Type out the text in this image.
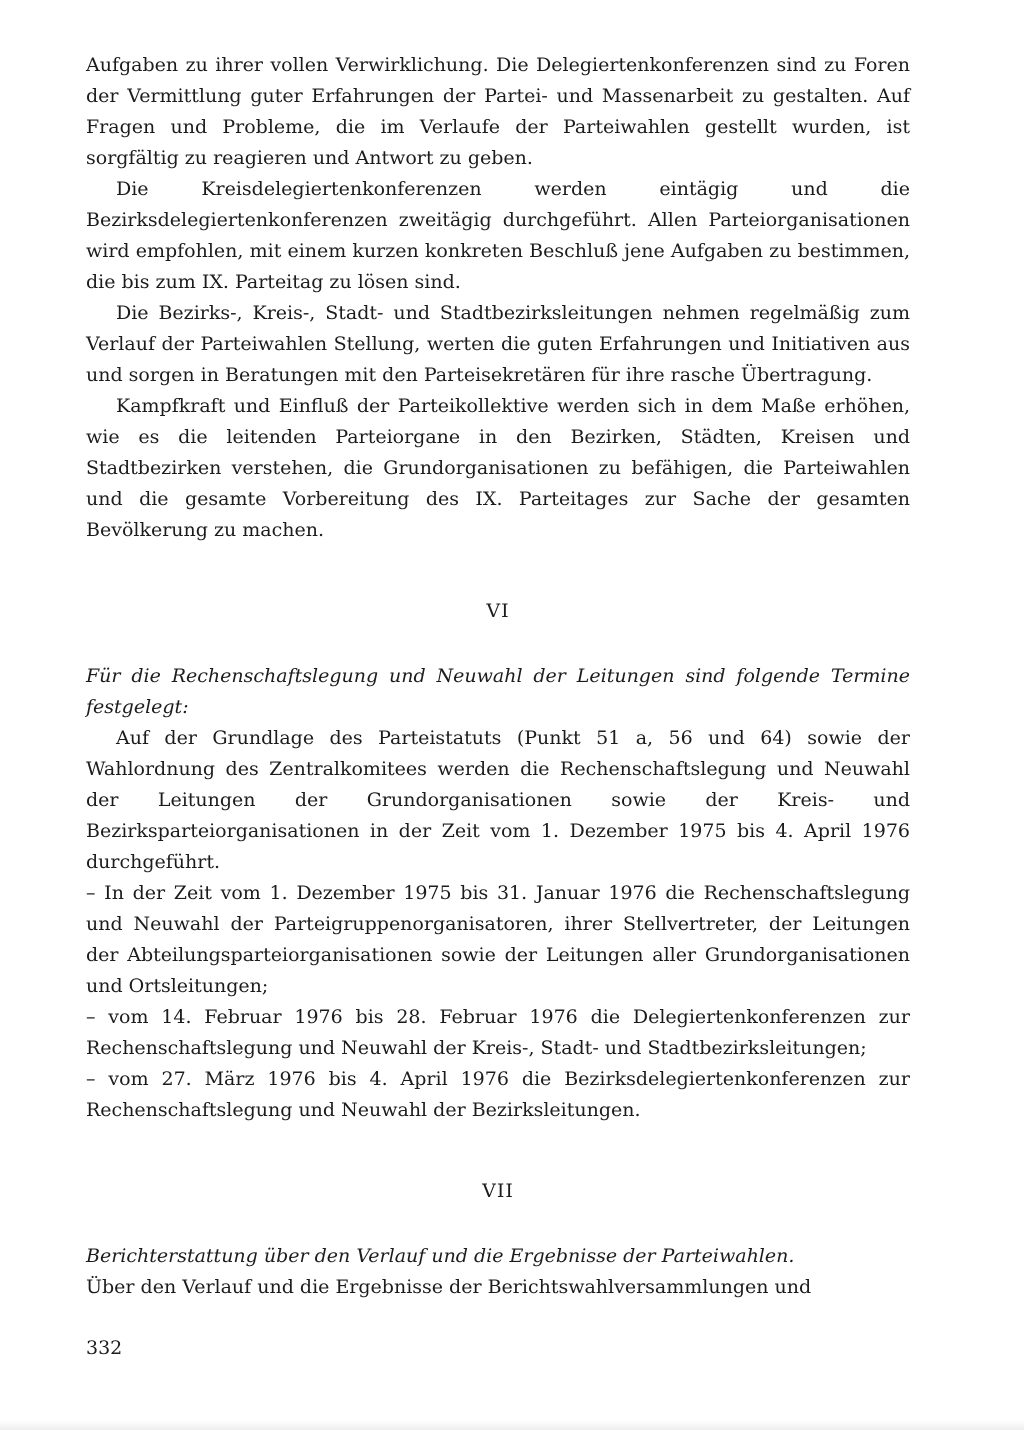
Aufgaben zu ihrer vollen Verwirklichung. Die Delegiertenkonferenzen sind zu Foren der Vermittlung guter Erfahrungen der Partei- und Massenarbeit zu gestalten. Auf Fragen und Probleme, die im Verlaufe der Parteiwahlen gestellt wurden, ist sorgfältig zu reagieren und Antwort zu geben.

Die Kreisdelegiertenkonferenzen werden eintägig und die Bezirksdelegiertenkonferenzen zweitägig durchgeführt. Allen Parteiorganisationen wird empfohlen, mit einem kurzen konkreten Beschluß jene Aufgaben zu bestimmen, die bis zum IX. Parteitag zu lösen sind.

Die Bezirks-, Kreis-, Stadt- und Stadtbezirksleitungen nehmen regelmäßig zum Verlauf der Parteiwahlen Stellung, werten die guten Erfahrungen und Initiativen aus und sorgen in Beratungen mit den Parteisekretären für ihre rasche Übertragung.

Kampfkraft und Einfluß der Parteikollektive werden sich in dem Maße erhöhen, wie es die leitenden Parteiorgane in den Bezirken, Städten, Kreisen und Stadtbezirken verstehen, die Grundorganisationen zu befähigen, die Parteiwahlen und die gesamte Vorbereitung des IX. Parteitages zur Sache der gesamten Bevölkerung zu machen.

VI

Für die Rechenschaftslegung und Neuwahl der Leitungen sind folgende Termine festgelegt:

Auf der Grundlage des Parteistatuts (Punkt 51 a, 56 und 64) sowie der Wahlordnung des Zentralkomitees werden die Rechenschaftslegung und Neuwahl der Leitungen der Grundorganisationen sowie der Kreis- und Bezirksparteiorganisationen in der Zeit vom 1. Dezember 1975 bis 4. April 1976 durchgeführt.

– In der Zeit vom 1. Dezember 1975 bis 31. Januar 1976 die Rechenschaftslegung und Neuwahl der Parteigruppenorganisatoren, ihrer Stellvertreter, der Leitungen der Abteilungsparteiorganisationen sowie der Leitungen aller Grundorganisationen und Ortsleitungen;

– vom 14. Februar 1976 bis 28. Februar 1976 die Delegiertenkonferenzen zur Rechenschaftslegung und Neuwahl der Kreis-, Stadt- und Stadtbezirksleitungen;

– vom 27. März 1976 bis 4. April 1976 die Bezirksdelegiertenkonferenzen zur Rechenschaftslegung und Neuwahl der Bezirksleitungen.

VII

Berichterstattung über den Verlauf und die Ergebnisse der Parteiwahlen.

Über den Verlauf und die Ergebnisse der Berichtswahlversammlungen und

332
